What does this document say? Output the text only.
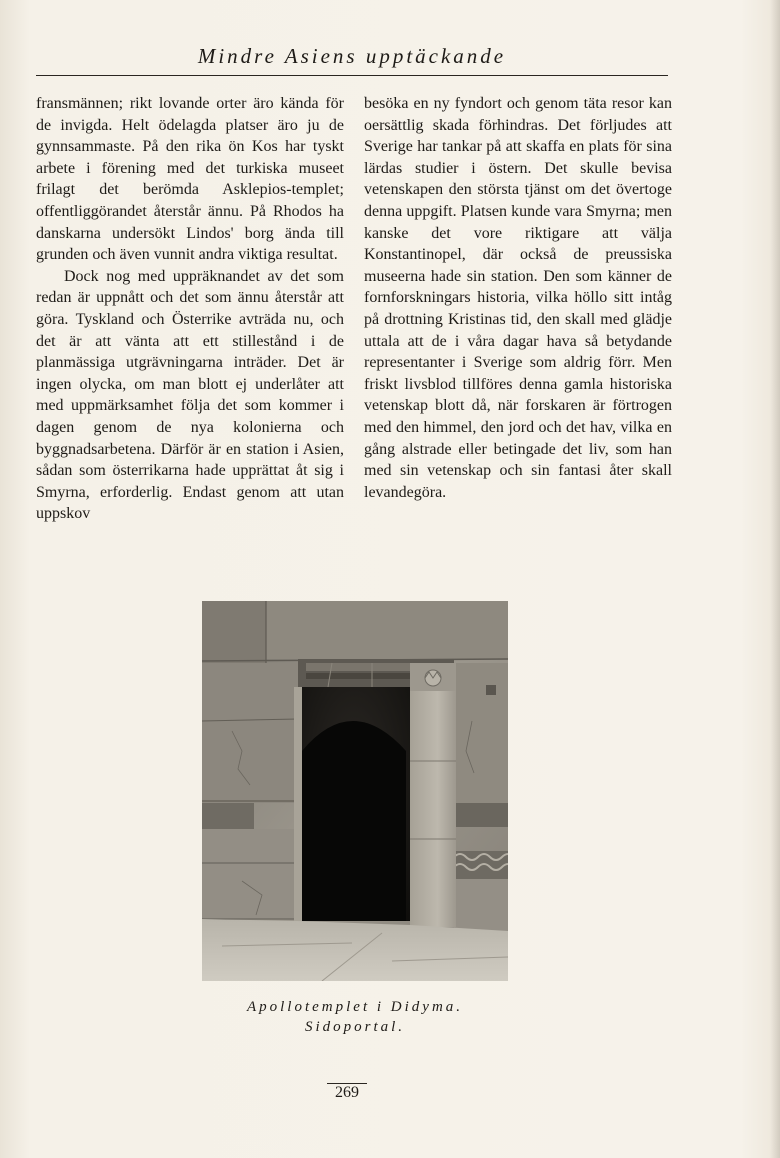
Mindre Asiens upptäckande

fransmännen; rikt lovande orter äro kända för de invigda. Helt ödelagda platser äro ju de gynnsammaste. På den rika ön Kos har tyskt arbete i förening med det turkiska museet frilagt det berömda Asklepios-templet; offentliggörandet återstår ännu. På Rhodos ha danskarna undersökt Lindos' borg ända till grunden och även vunnit andra viktiga resultat.

Dock nog med uppräknandet av det som redan är uppnått och det som ännu återstår att göra. Tyskland och Österrike avträda nu, och det är att vänta att ett stillestånd i de planmässiga utgrävningarna inträder. Det är ingen olycka, om man blott ej underlåter att med uppmärksamhet följa det som kommer i dagen genom de nya kolonierna och byggnadsarbetena. Därför är en station i Asien, sådan som österrikarna hade upprättat åt sig i Smyrna, erforderlig. Endast genom att utan uppskov

besöka en ny fyndort och genom täta resor kan oersättlig skada förhindras. Det förljudes att Sverige har tankar på att skaffa en plats för sina lärdas studier i östern. Det skulle bevisa vetenskapen den största tjänst om det övertoge denna uppgift. Platsen kunde vara Smyrna; men kanske det vore riktigare att välja Konstantinopel, där också de preussiska museerna hade sin station. Den som känner de fornforskningars historia, vilka höllo sitt intåg på drottning Kristinas tid, den skall med glädje uttala att de i våra dagar hava så betydande representanter i Sverige som aldrig förr. Men friskt livsblod tillföres denna gamla historiska vetenskap blott då, när forskaren är förtrogen med den himmel, den jord och det hav, vilka en gång alstrade eller betingade det liv, som han med sin vetenskap och sin fantasi åter skall levandegöra.

Apollotemplet i Didyma.
Sidoportal.
269
